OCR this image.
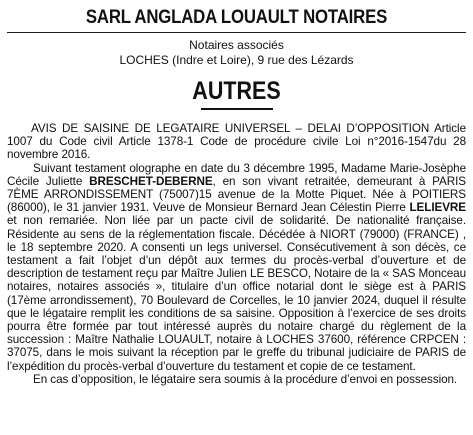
SARL ANGLADA LOUAULT NOTAIRES
Notaires associés
LOCHES (Indre et Loire), 9 rue des Lézards
AUTRES

AVIS DE SAISINE DE LEGATAIRE UNIVERSEL – DELAI D’OPPOSITION Article 1007 du Code civil Article 1378-1 Code de procédure civile Loi n°2016-1547du 28 novembre 2016.

Suivant testament olographe en date du 3 décembre 1995, Madame Marie-Josèphe Cécile Juliette BRESCHET-DEBERNE, en son vivant retraitée, demeurant à PARIS 7ÈME ARRONDISSEMENT (75007)15 avenue de la Motte Piquet. Née à POITIERS (86000), le 31 janvier 1931. Veuve de Monsieur Bernard Jean Célestin Pierre LELIEVRE et non remariée. Non liée par un pacte civil de solidarité. De nationalité française. Résidente au sens de la réglementation fiscale. Décédée à NIORT (79000) (FRANCE) , le 18 septembre 2020. A consenti un legs universel. Consécutivement à son décès, ce testament a fait l’objet d’un dépôt aux termes du procès-verbal d’ouverture et de description de testament reçu par Maître Julien LE BESCO, Notaire de la « SAS Monceau notaires, notaires associés », titulaire d’un office notarial dont le siège est à PARIS (17ème arrondissement), 70 Boulevard de Corcelles, le 10 janvier 2024, duquel il résulte que le légataire remplit les conditions de sa saisine. Opposition à l’exercice de ses droits pourra être formée par tout intéressé auprès du notaire chargé du règlement de la succession : Maître Nathalie LOUAULT, notaire à LOCHES 37600, référence CRPCEN : 37075, dans le mois suivant la réception par le greffe du tribunal judiciaire de PARIS de l’expédition du procès-verbal d’ouverture du testament et copie de ce testament.

En cas d’opposition, le légataire sera soumis à la procédure d’envoi en possession.
